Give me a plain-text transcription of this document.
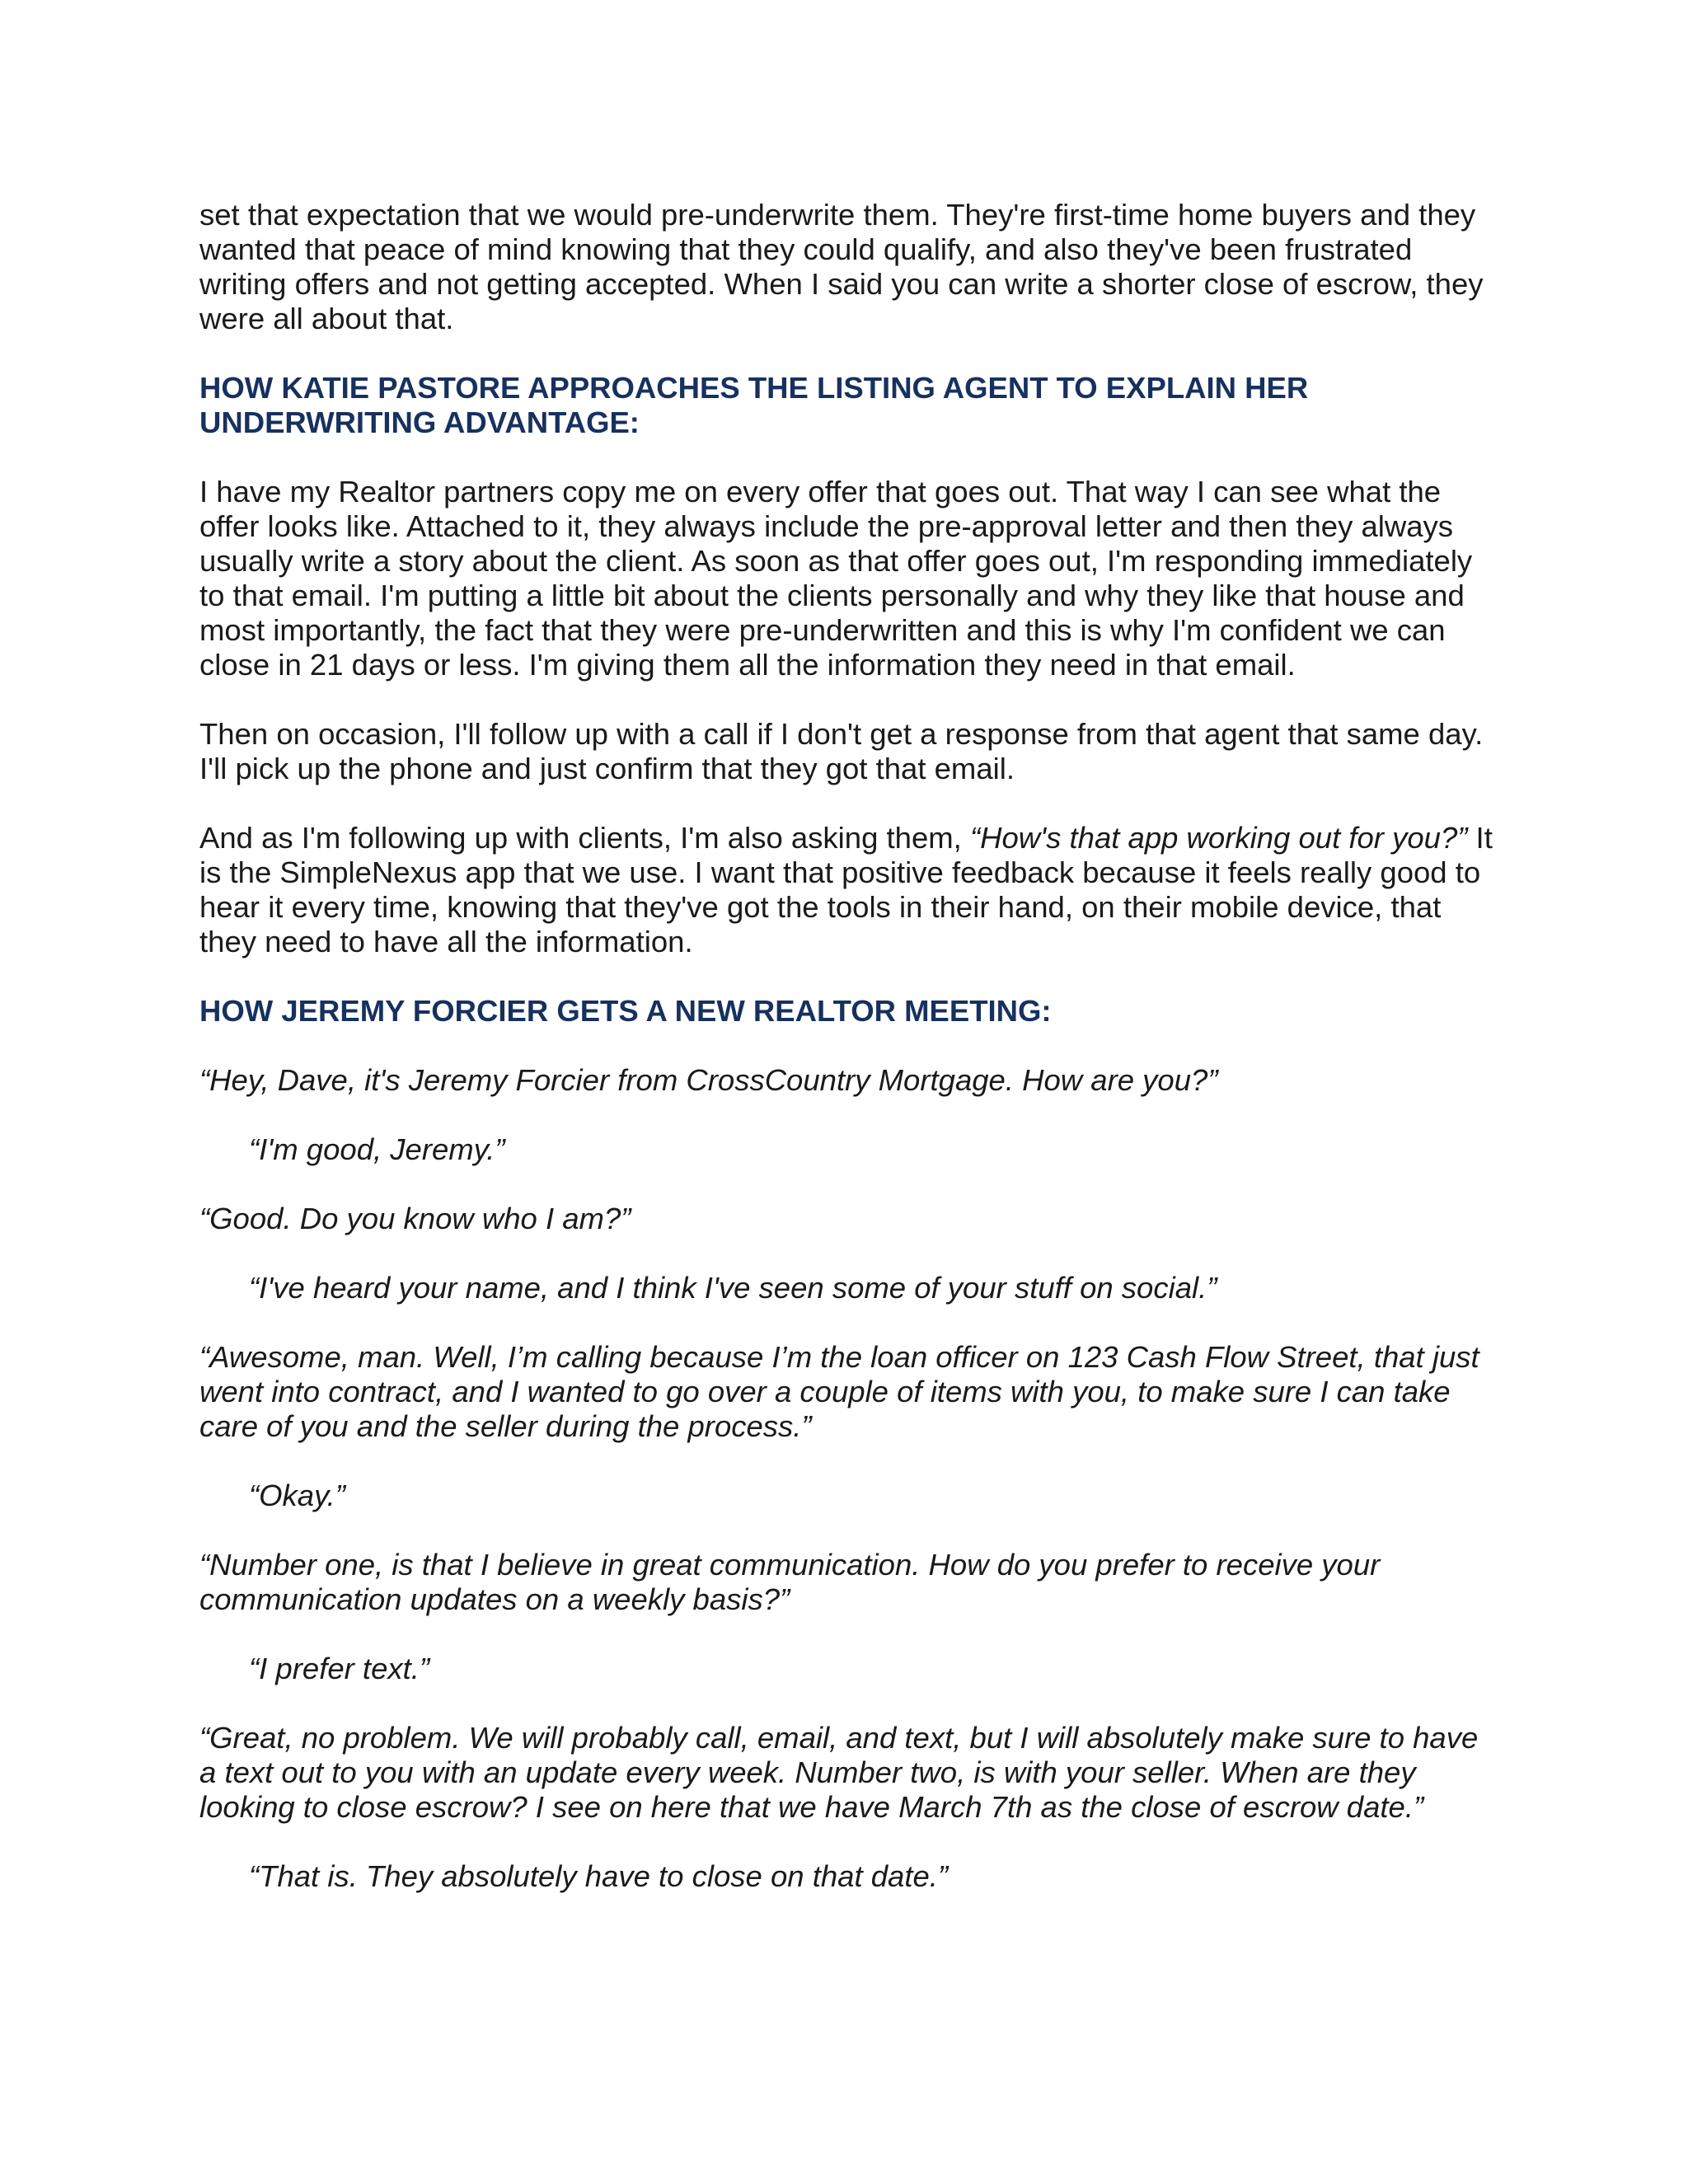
set that expectation that we would pre-underwrite them. They're first-time home buyers and they wanted that peace of mind knowing that they could qualify, and also they've been frustrated writing offers and not getting accepted. When I said you can write a shorter close of escrow, they were all about that.

HOW KATIE PASTORE APPROACHES THE LISTING AGENT TO EXPLAIN HER UNDERWRITING ADVANTAGE:

I have my Realtor partners copy me on every offer that goes out. That way I can see what the offer looks like. Attached to it, they always include the pre-approval letter and then they always usually write a story about the client. As soon as that offer goes out, I'm responding immediately to that email. I'm putting a little bit about the clients personally and why they like that house and most importantly, the fact that they were pre-underwritten and this is why I'm confident we can close in 21 days or less. I'm giving them all the information they need in that email.

Then on occasion, I'll follow up with a call if I don't get a response from that agent that same day. I'll pick up the phone and just confirm that they got that email.

And as I'm following up with clients, I'm also asking them, “How's that app working out for you?” It is the SimpleNexus app that we use. I want that positive feedback because it feels really good to hear it every time, knowing that they've got the tools in their hand, on their mobile device, that they need to have all the information.

HOW JEREMY FORCIER GETS A NEW REALTOR MEETING:

“Hey, Dave, it's Jeremy Forcier from CrossCountry Mortgage. How are you?”

“I'm good, Jeremy.”

“Good. Do you know who I am?”

“I've heard your name, and I think I've seen some of your stuff on social.”

“Awesome, man. Well, I’m calling because I’m the loan officer on 123 Cash Flow Street, that just went into contract, and I wanted to go over a couple of items with you, to make sure I can take care of you and the seller during the process.”

“Okay.”

“Number one, is that I believe in great communication. How do you prefer to receive your communication updates on a weekly basis?”

“I prefer text.”

“Great, no problem. We will probably call, email, and text, but I will absolutely make sure to have a text out to you with an update every week. Number two, is with your seller. When are they looking to close escrow? I see on here that we have March 7th as the close of escrow date.”

“That is. They absolutely have to close on that date.”
